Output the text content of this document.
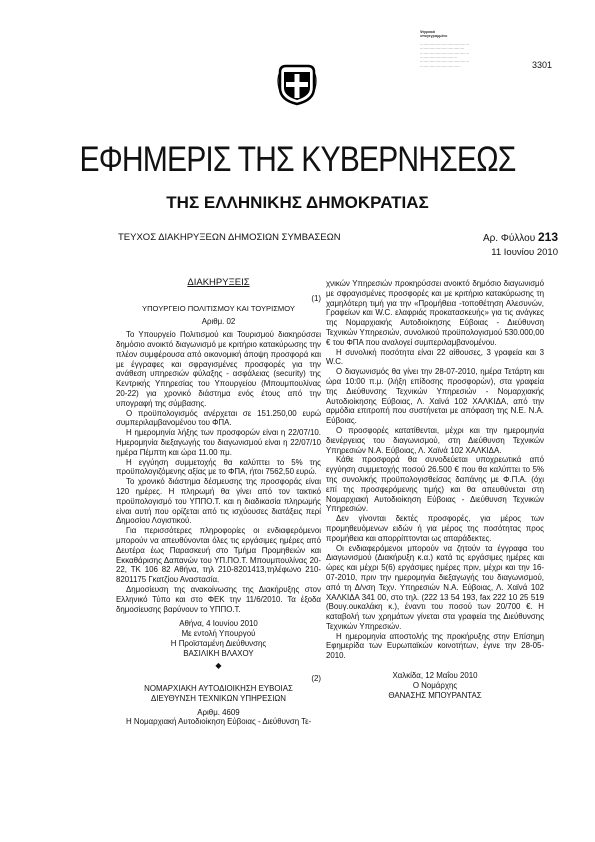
Ψηφιακά
υπογεγραμμένο
·········································
·····································
·········································
·······························
·········································
··································	3301
ΕΦΗΜΕΡΙΣ ΤΗΣ ΚΥΒΕΡΝΗΣΕΩΣ
ΤΗΣ ΕΛΛΗΝΙΚΗΣ ΔΗΜΟΚΡΑΤΙΑΣ
ΤΕΥΧΟΣ ΔΙΑΚΗΡΥΞΕΩΝ ΔΗΜΟΣΙΩΝ ΣΥΜΒΑΣΕΩΝ	Αρ. Φύλλου 213
11 Ιουνίου 2010
ΔΙΑΚΗΡΥΞΕΙΣ
(1)
ΥΠΟΥΡΓΕΙΟ ΠΟΛΙΤΙΣΜΟΥ ΚΑΙ ΤΟΥΡΙΣΜΟΥ
Αριθμ. 02

Το Υπουργείο Πολιτισμού και Τουρισμού διακηρύσσει δημόσιο ανοικτό διαγωνισμό με κριτήριο κατακύρωσης την πλέον συμφέρουσα από οικονομική άποψη προσφορά και με έγγραφες και σφραγισμένες προσφορές για την ανάθεση υπηρεσιών φύλαξης - ασφάλειας (security) της Κεντρικής Υπηρεσίας του Υπουργείου (Μπουμπουλίνας 20-22) για χρονικό διάστημα ενός έτους από την υπογραφή της σύμβασης.

Ο προϋπολογισμός ανέρχεται σε 151.250,00 ευρώ συμπεριλαμβανομένου του ΦΠΑ.

Η ημερομηνία λήξης των προσφορών είναι η 22/07/10. Ημερομηνία διεξαγωγής του διαγωνισμού είναι η 22/07/10 ημέρα Πέμπτη και ώρα 11.00 πμ.

Η εγγύηση συμμετοχής θα καλύπτει το 5% της προϋπολογιζόμενης αξίας με το ΦΠΑ, ήτοι 7562,50 ευρώ.

Το χρονικό διάστημα δέσμευσης της προσφοράς είναι 120 ημέρες. Η πληρωμή θα γίνει από τον τακτικό προϋπολογισμό του ΥΠΠΟ.Τ. και η διαδικασία πληρωμής είναι αυτή που ορίζεται από τις ισχύουσες διατάξεις περί Δημοσίου Λογιστικού.

Για περισσότερες πληροφορίες οι ενδιαφερόμενοι μπορούν να απευθύνονται όλες τις εργάσιμες ημέρες από Δευτέρα έως Παρασκευή στο Τμήμα Προμηθειών και Εκκαθάρισης Δαπανών του ΥΠ.ΠΟ.Τ. Μπουμπουλίνας 20-22, ΤΚ 106 82 Αθήνα, τηλ 210-8201413,τηλέφωνο 210-8201175 Γκατζίου Αναστασία.

Δημοσίευση της ανακοίνωσης της Διακήρυξης στον Ελληνικό Τύπο και στο ΦΕΚ την 11/6/2010. Τα έξοδα δημοσίευσης βαρύνουν το ΥΠΠΟ.Τ.

Αθήνα, 4 Ιουνίου 2010
Με εντολή Υπουργού
Η Προϊσταμένη Διεύθυνσης
ΒΑΣΙΛΙΚΗ ΒΛΑΧΟΥ
◆
(2)
ΝΟΜΑΡΧΙΑΚΗ ΑΥΤΟΔΙΟΙΚΗΣΗ ΕΥΒΟΙΑΣ
ΔΙΕΥΘΥΝΣΗ ΤΕΧΝΙΚΩΝ ΥΠΗΡΕΣΙΩΝ
Αριθμ. 4609

Η Νομαρχιακή Αυτοδιοίκηση Εύβοιας - Διεύθυνση Τε-

χνικών Υπηρεσιών προκηρύσσει ανοικτό δημόσιο διαγωνισμό με σφραγισμένες προσφορές και με κριτήριο κατακύρωσης τη χαμηλότερη τιμή για την «Προμήθεια -τοποθέτηση Αλεσυνών, Γραφείων και W.C. ελαφριάς προκατασκευής» για τις ανάγκες της Νομαρχιακής Αυτοδιοίκησης Εύβοιας - Διεύθυνση Τεχνικών Υπηρεσιών, συνολικού προϋπολογισμού 530.000,00 € του ΦΠΑ που αναλογεί συμπεριλαμβανομένου.

Η συνολική ποσότητα είναι 22 αίθουσες, 3 γραφεία και 3 W.C.

Ο διαγωνισμός θα γίνει την 28-07-2010, ημέρα Τετάρτη και ώρα 10:00 π.μ. (λήξη επίδοσης προσφορών), στα γραφεία της Διεύθυνσης Τεχνικών Υπηρεσιών - Νομαρχιακής Αυτοδιοίκησης Εύβοιας, Λ. Χαϊνά 102 ΧΑΛΚΙΔΑ, από την αρμόδια επιτροπή που συστήνεται με απόφαση της Ν.Ε. Ν.Α. Εύβοιας.

Ο προσφορές κατατίθενται, μέχρι και την ημερομηνία διενέργειας του διαγωνισμού, στη Διεύθυνση Τεχνικών Υπηρεσιών Ν.Α. Εύβοιας, Λ. Χαϊνά 102 ΧΑΛΚΙΔΑ.

Κάθε προσφορά θα συνοδεύεται υποχρεωτικά από εγγύηση συμμετοχής ποσού 26.500 € που θα καλύπτει το 5% της συνολικής προϋπολογισθείσας δαπάνης με Φ.Π.Α. (όχι επί της προσφερόμενης τιμής) και θα απευθύνεται στη Νομαρχιακή Αυτοδιοίκηση Εύβοιας - Διεύθυνση Τεχνικών Υπηρεσιών.

Δεν γίνονται δεκτές προσφορές, για μέρος των προμηθευόμενων ειδών ή για μέρος της ποσότητας προς προμήθεια και απορρίπτονται ως απαράδεκτες.

Οι ενδιαφερόμενοι μπορούν να ζητούν τα έγγραφα του Διαγωνισμού (Διακήρυξη κ.α.) κατά τις εργάσιμες ημέρες και ώρες και μέχρι 5(6) εργάσιμες ημέρες πριν, μέχρι και την 16-07-2010, πριν την ημερομηνία διεξαγωγής του διαγωνισμού, από τη Δ/νση Τεχν. Υπηρεσιών Ν.Α. Εύβοιας, Λ. Χαϊνά 102 ΧΑΛΚΙΔΑ 341 00, στο τηλ. (222 13 54 193, fax 222 10 25 519 (Βουγ.ουκαλάκη κ.), έναντι του ποσού των 20/700 €. Η καταβολή των χρημάτων γίνεται στα γραφεία της Διεύθυνσης Τεχνικών Υπηρεσιών.

Η ημερομηνία αποστολής της προκήρυξης στην Επίσημη Εφημερίδα των Ευρωπαϊκών κοινοτήτων, έγινε την 28-05-2010.

Χαλκίδα, 12 Μαΐου 2010
Ο Νομάρχης
ΘΑΝΑΣΗΣ ΜΠΟΥΡΑΝΤΑΣ
